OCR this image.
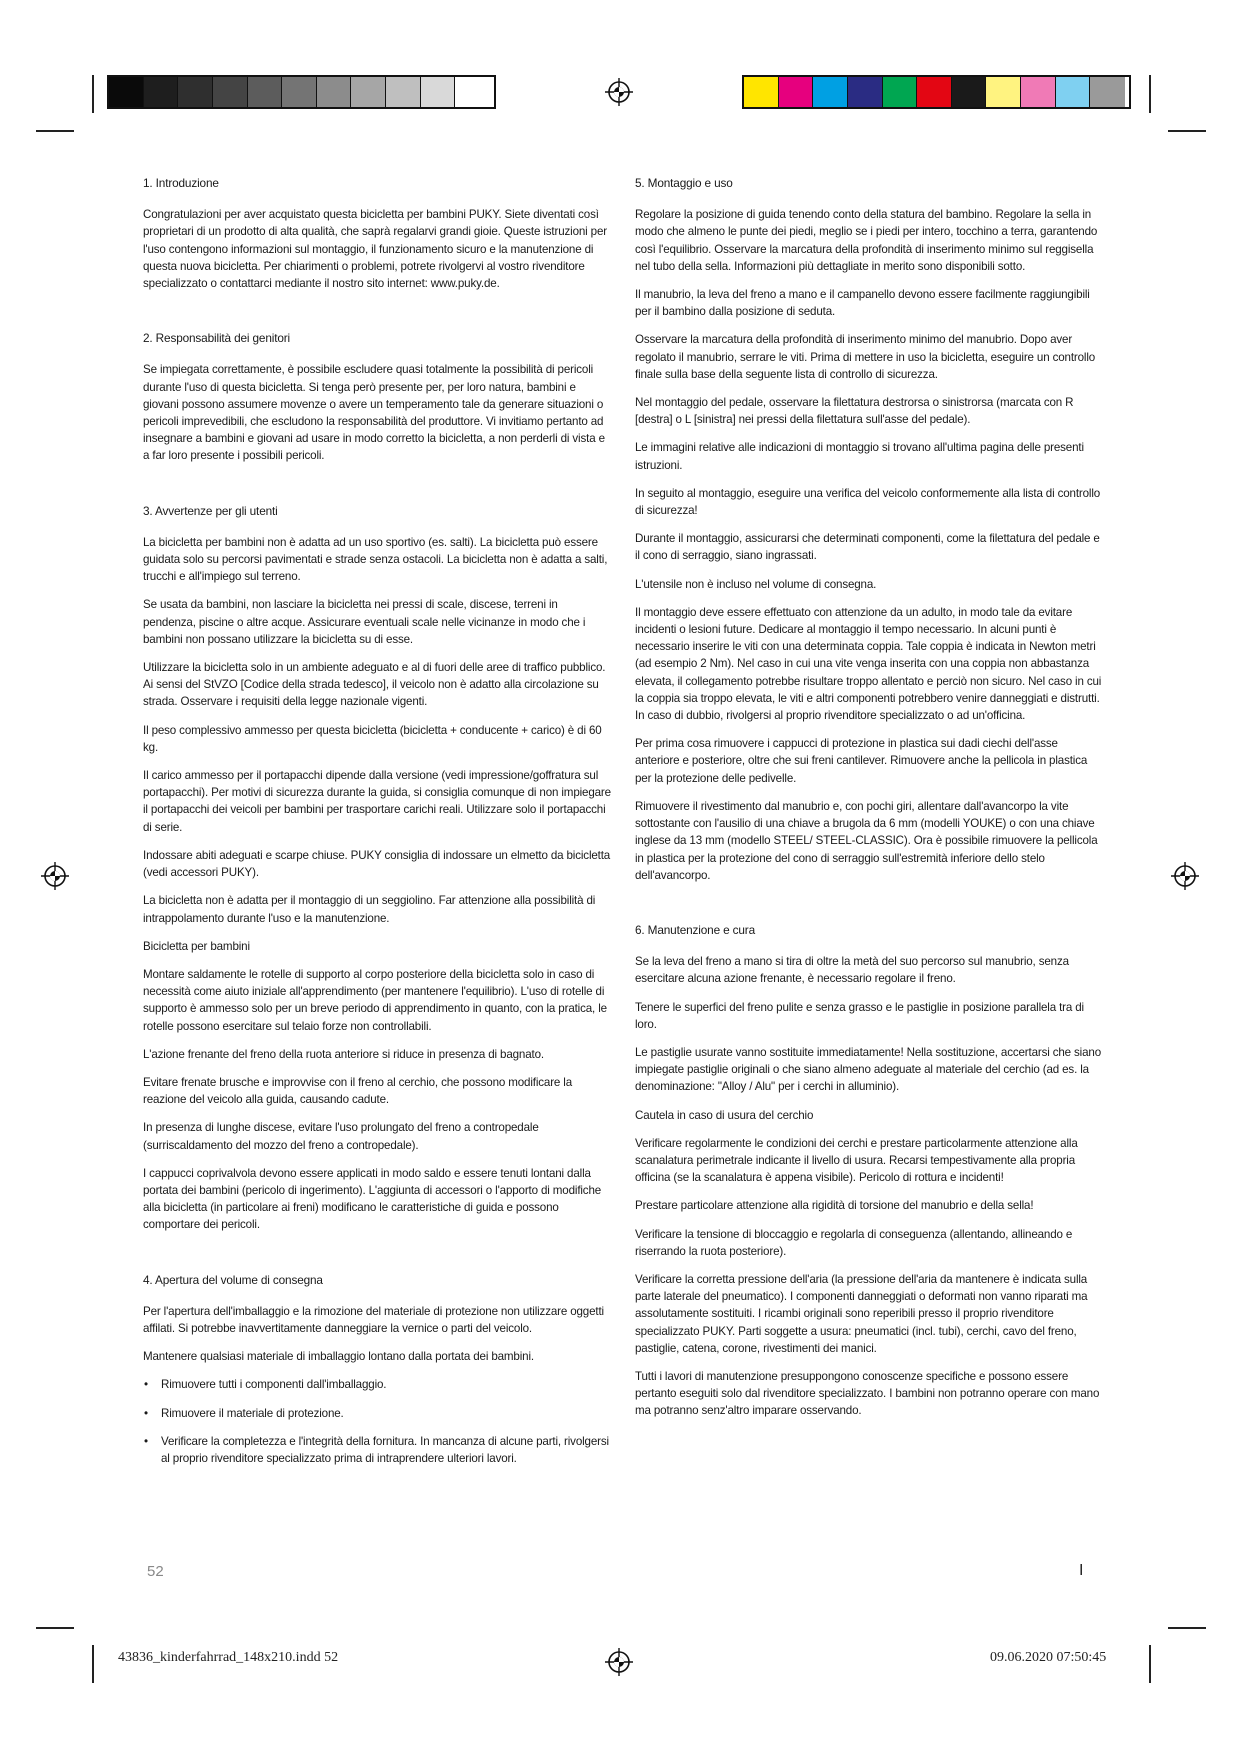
1. Introduzione

Congratulazioni per aver acquistato questa bicicletta per bambini PUKY. Siete diventati così proprietari di un prodotto di alta qualità, che saprà regalarvi grandi gioie. Queste istruzioni per l'uso contengono informazioni sul montaggio, il funzionamento sicuro e la manutenzione di questa nuova bicicletta. Per chiarimenti o problemi, potrete rivolgervi al vostro rivenditore specializzato o contattarci mediante il nostro sito internet: www.puky.de.

2. Responsabilità dei genitori

Se impiegata correttamente, è possibile escludere quasi totalmente la possibilità di pericoli durante l'uso di questa bicicletta. Si tenga però presente per, per loro natura, bambini e giovani possono assumere movenze o avere un temperamento tale da generare situazioni o pericoli imprevedibili, che escludono la responsabilità del produttore. Vi invitiamo pertanto ad insegnare a bambini e giovani ad usare in modo corretto la bicicletta, a non perderli di vista e a far loro presente i possibili pericoli.

3. Avvertenze per gli utenti

La bicicletta per bambini non è adatta ad un uso sportivo (es. salti). La bicicletta può essere guidata solo su percorsi pavimentati e strade senza ostacoli. La bicicletta non è adatta a salti, trucchi e all'impiego sul terreno.

Se usata da bambini, non lasciare la bicicletta nei pressi di scale, discese, terreni in pendenza, piscine o altre acque. Assicurare eventuali scale nelle vicinanze in modo che i bambini non possano utilizzare la bicicletta su di esse.

Utilizzare la bicicletta solo in un ambiente adeguato e al di fuori delle aree di traffico pubblico. Ai sensi del StVZO [Codice della strada tedesco], il veicolo non è adatto alla circolazione su strada. Osservare i requisiti della legge nazionale vigenti.

Il peso complessivo ammesso per questa bicicletta (bicicletta + conducente + carico) è di 60 kg.

Il carico ammesso per il portapacchi dipende dalla versione (vedi impressione/goffratura sul portapacchi). Per motivi di sicurezza durante la guida, si consiglia comunque di non impiegare il portapacchi dei veicoli per bambini per trasportare carichi reali. Utilizzare solo il portapacchi di serie.

Indossare abiti adeguati e scarpe chiuse. PUKY consiglia di indossare un elmetto da bicicletta (vedi accessori PUKY).

La bicicletta non è adatta per il montaggio di un seggiolino. Far attenzione alla possibilità di intrappolamento durante l'uso e la manutenzione.

Bicicletta per bambini

Montare saldamente le rotelle di supporto al corpo posteriore della bicicletta solo in caso di necessità come aiuto iniziale all'apprendimento (per mantenere l'equilibrio). L'uso di rotelle di supporto è ammesso solo per un breve periodo di apprendimento in quanto, con la pratica, le rotelle possono esercitare sul telaio forze non controllabili.

L'azione frenante del freno della ruota anteriore si riduce in presenza di bagnato.

Evitare frenate brusche e improvvise con il freno al cerchio, che possono modificare la reazione del veicolo alla guida, causando cadute.

In presenza di lunghe discese, evitare l'uso prolungato del freno a contropedale (surriscaldamento del mozzo del freno a contropedale).

I cappucci coprivalvola devono essere applicati in modo saldo e essere tenuti lontani dalla portata dei bambini (pericolo di ingerimento). L'aggiunta di accessori o l'apporto di modifiche alla bicicletta (in particolare ai freni) modificano le caratteristiche di guida e possono comportare dei pericoli.

4. Apertura del volume di consegna

Per l'apertura dell'imballaggio e la rimozione del materiale di protezione non utilizzare oggetti affilati. Si potrebbe inavvertitamente danneggiare la vernice o parti del veicolo.

Mantenere qualsiasi materiale di imballaggio lontano dalla portata dei bambini.

• Rimuovere tutti i componenti dall'imballaggio.
• Rimuovere il materiale di protezione.
• Verificare la completezza e l'integrità della fornitura. In mancanza di alcune parti, rivolgersi al proprio rivenditore specializzato prima di intraprendere ulteriori lavori.
5. Montaggio e uso

Regolare la posizione di guida tenendo conto della statura del bambino. Regolare la sella in modo che almeno le punte dei piedi, meglio se i piedi per intero, tocchino a terra, garantendo così l'equilibrio. Osservare la marcatura della profondità di inserimento minimo sul reggisella nel tubo della sella. Informazioni più dettagliate in merito sono disponibili sotto.

Il manubrio, la leva del freno a mano e il campanello devono essere facilmente raggiungibili per il bambino dalla posizione di seduta.

Osservare la marcatura della profondità di inserimento minimo del manubrio. Dopo aver regolato il manubrio, serrare le viti. Prima di mettere in uso la bicicletta, eseguire un controllo finale sulla base della seguente lista di controllo di sicurezza.

Nel montaggio del pedale, osservare la filettatura destrorsa o sinistrorsa (marcata con R [destra] o L [sinistra] nei pressi della filettatura sull'asse del pedale).

Le immagini relative alle indicazioni di montaggio si trovano all'ultima pagina delle presenti istruzioni.

In seguito al montaggio, eseguire una verifica del veicolo conformemente alla lista di controllo di sicurezza!

Durante il montaggio, assicurarsi che determinati componenti, come la filettatura del pedale e il cono di serraggio, siano ingrassati.

L'utensile non è incluso nel volume di consegna.

Il montaggio deve essere effettuato con attenzione da un adulto, in modo tale da evitare incidenti o lesioni future. Dedicare al montaggio il tempo necessario. In alcuni punti è necessario inserire le viti con una determinata coppia. Tale coppia è indicata in Newton metri (ad esempio 2 Nm). Nel caso in cui una vite venga inserita con una coppia non abbastanza elevata, il collegamento potrebbe risultare troppo allentato e perciò non sicuro. Nel caso in cui la coppia sia troppo elevata, le viti e altri componenti potrebbero venire danneggiati e distrutti. In caso di dubbio, rivolgersi al proprio rivenditore specializzato o ad un'officina.

Per prima cosa rimuovere i cappucci di protezione in plastica sui dadi ciechi dell'asse anteriore e posteriore, oltre che sui freni cantilever. Rimuovere anche la pellicola in plastica per la protezione delle pedivelle.

Rimuovere il rivestimento dal manubrio e, con pochi giri, allentare dall'avancorpo la vite sottostante con l'ausilio di una chiave a brugola da 6 mm (modelli YOUKE) o con una chiave inglese da 13 mm (modello STEEL/ STEEL-CLASSIC). Ora è possibile rimuovere la pellicola in plastica per la protezione del cono di serraggio sull'estremità inferiore dello stelo dell'avancorpo.

6. Manutenzione e cura

Se la leva del freno a mano si tira di oltre la metà del suo percorso sul manubrio, senza esercitare alcuna azione frenante, è necessario regolare il freno.

Tenere le superfici del freno pulite e senza grasso e le pastiglie in posizione parallela tra di loro.

Le pastiglie usurate vanno sostituite immediatamente! Nella sostituzione, accertarsi che siano impiegate pastiglie originali o che siano almeno adeguate al materiale del cerchio (ad es. la denominazione: "Alloy / Alu" per i cerchi in alluminio).

Cautela in caso di usura del cerchio

Verificare regolarmente le condizioni dei cerchi e prestare particolarmente attenzione alla scanalatura perimetrale indicante il livello di usura. Recarsi tempestivamente alla propria officina (se la scanalatura è appena visibile). Pericolo di rottura e incidenti!

Prestare particolare attenzione alla rigidità di torsione del manubrio e della sella!

Verificare la tensione di bloccaggio e regolarla di conseguenza (allentando, allineando e riserrando la ruota posteriore).

Verificare la corretta pressione dell'aria (la pressione dell'aria da mantenere è indicata sulla parte laterale del pneumatico). I componenti danneggiati o deformati non vanno riparati ma assolutamente sostituiti. I ricambi originali sono reperibili presso il proprio rivenditore specializzato PUKY. Parti soggette a usura: pneumatici (incl. tubi), cerchi, cavo del freno, pastiglie, catena, corone, rivestimenti dei manici.

Tutti i lavori di manutenzione presuppongono conoscenze specifiche e possono essere pertanto eseguiti solo dal rivenditore specializzato. I bambini non potranno operare con mano ma potranno senz'altro imparare osservando.

52	I
43836_kinderfahrrad_148x210.indd 52	09.06.2020 07:50:45
